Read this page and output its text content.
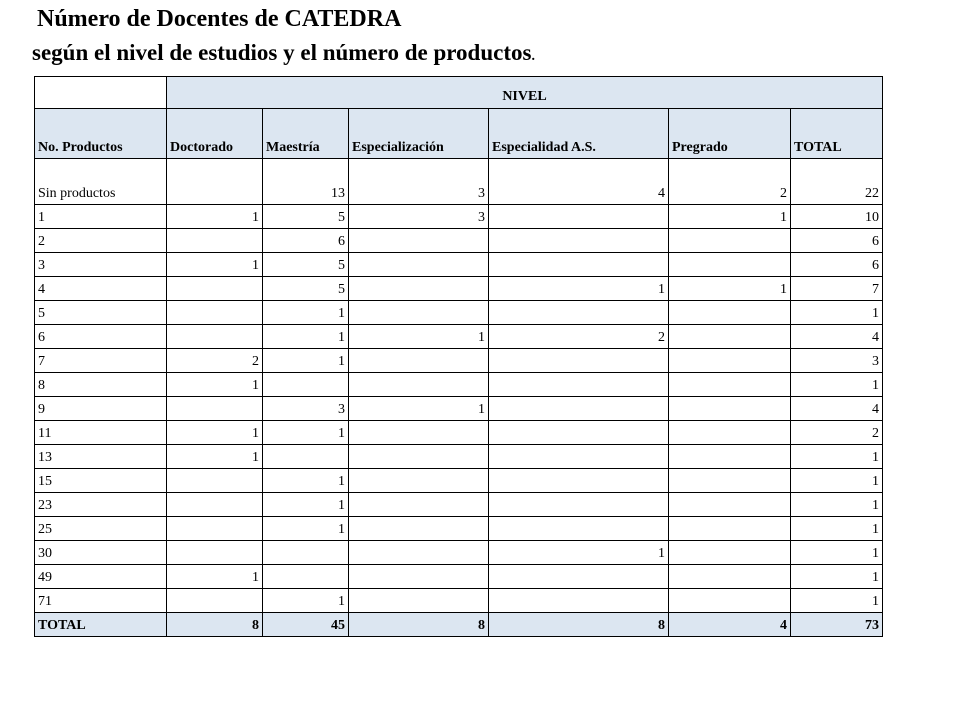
Número de Docentes de CATEDRA
según el nivel de estudios y el número de productos.
	NIVEL					
No. Productos	Doctorado	Maestría	Especialización	Especialidad A.S.	Pregrado	TOTAL
Sin productos		13	3	4	2	22
1	1	5	3		1	10
2		6				6
3	1	5				6
4		5		1	1	7
5		1				1
6		1	1	2		4
7	2	1				3
8	1					1
9		3	1			4
11	1	1				2
13	1					1
15		1				1
23		1				1
25		1				1
30				1		1
49	1					1
71		1				1
TOTAL	8	45	8	8	4	73
